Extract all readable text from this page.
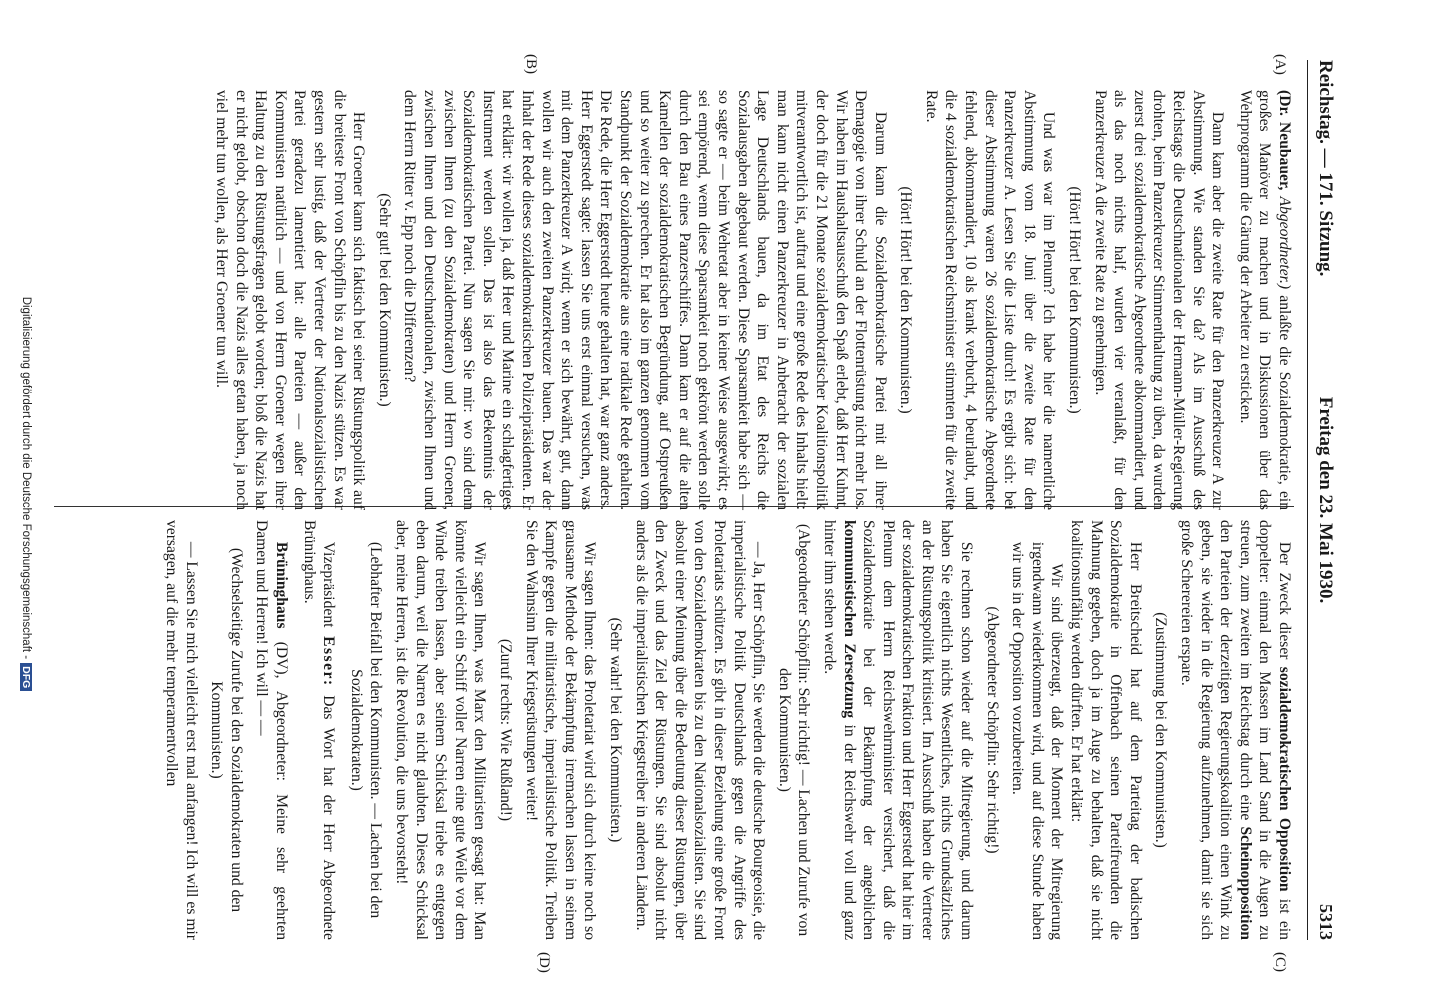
Reichstag. — 171. Sitzung.
Freitag den 23. Mai 1930.
5313
(A)
(B)
(C)
(D)

(Dr. Neubauer, Abgeordneter.) anlaßte die Sozialdemokratie, ein großes Manöver zu machen und in Diskussionen über das Wehrprogramm die Gärung der Arbeiter zu ersticken.

Dann kam aber die zweite Rate für den Panzerkreuzer A zur Abstimmung. Wie standen Sie da? Als im Ausschuß des Reichstags die Deutschnationalen der Hermann-Müller-Regierung drohten, beim Panzerkreuzer Stimmenthaltung zu üben, da wurden zuerst drei sozialdemokratische Abgeordnete abkommandiert, und als das noch nichts half, wurden vier veranlaßt, für den Panzerkreuzer A die zweite Rate zu genehmigen.

(Hört! Hört! bei den Kommunisten.)

Und was war im Plenum? Ich habe hier die namentliche Abstimmung vom 18. Juni über die zweite Rate für den Panzerkreuzer A. Lesen Sie die Liste durch! Es ergibt sich: bei dieser Abstimmung waren 26 sozialdemokratische Abgeordnete fehlend, abkommandiert, 10 als krank verbucht, 4 beurlaubt, und die 4 sozialdemokratischen Reichsminister stimmten für die zweite Rate.

(Hört! Hört! bei den Kommunisten.)

Darum kann die Sozialdemokratische Partei mit all ihrer Demagogie von ihrer Schuld an der Flottenrüstung nicht mehr los. Wir haben im Haushaltsausschuß den Spaß erlebt, daß Herr Kuhnt, der doch für die 21 Monate sozialdemokratischer Koalitionspolitik mitverantwortlich ist, auftrat und eine große Rede des Inhalts hielt: man kann nicht einen Panzerkreuzer in Anbetracht der sozialen Lage Deutschlands bauen, da im Etat des Reichs die Sozialausgaben abgebaut werden. Diese Sparsamkeit habe sich — so sagte er — beim Wehretat aber in keiner Weise ausgewirkt; es sei empörend, wenn diese Sparsamkeit noch gekrönt werden solle durch den Bau eines Panzerschiffes. Dann kam er auf die alten Kamellen der sozialdemokratischen Begründung, auf Ostpreußen und so weiter zu sprechen. Er hat also im ganzen genommen vom Standpunkt der Sozialdemokratie aus eine radikale Rede gehalten. Die Rede, die Herr Eggerstedt heute gehalten hat, war ganz anders. Herr Eggerstedt sagte: lassen Sie uns erst einmal versuchen, was mit dem Panzerkreuzer A wird; wenn er sich bewährt, gut, dann wollen wir auch den zweiten Panzerkreuzer bauen. Das war der Inhalt der Rede dieses sozialdemokratischen Polizeipräsidenten. Er hat erklärt: wir wollen ja, daß Heer und Marine ein schlagfertiges Instrument werden sollen. Das ist also das Bekenntnis der Sozialdemokratischen Partei. Nun sagen Sie mir: wo sind denn zwischen Ihnen (zu den Sozialdemokraten) und Herrn Groener, zwischen Ihnen und den Deutschnationalen, zwischen Ihnen und dem Herrn Ritter v. Epp noch die Differenzen?

(Sehr gut! bei den Kommunisten.)

Herr Groener kann sich faktisch bei seiner Rüstungspolitik auf die breiteste Front von Schöpflin bis zu den Nazis stützen. Es war gestern sehr lustig, daß der Vertreter der Nationalsozialistischen Partei geradezu lamentiert hat: alle Parteien — außer den Kommunisten natürlich — und von Herrn Groener wegen ihrer Haltung zu den Rüstungsfragen gelobt worden; bloß die Nazis hat er nicht gelobt, obschon doch die Nazis alles getan haben, ja noch viel mehr tun wollen, als Herr Groener tun will.

Der Zweck dieser sozialdemokratischen Opposition ist ein doppelter: einmal den Massen im Land Sand in die Augen zu streuen, zum zweiten im Reichstag durch eine Scheinopposition den Parteien der derzeitigen Regierungskoalition einen Wink zu geben, sie wieder in die Regierung aufzunehmen, damit sie sich große Scherereien erspare.

(Zustimmung bei den Kommunisten.)

Herr Breitscheid hat auf dem Parteitag der badischen Sozialdemokratie in Offenbach seinen Parteifreunden die Mahnung gegeben, doch ja im Auge zu behalten, daß sie nicht koalitionsunfähig werden dürften. Er hat erklärt:

Wir sind überzeugt, daß der Moment der Mitregierung irgendwann wiederkommen wird, und auf diese Stunde haben wir uns in der Opposition vorzubereiten.

(Abgeordneter Schöpflin: Sehr richtig!)

Sie rechnen schon wieder auf die Mitregierung, und darum haben Sie eigentlich nichts Wesentliches, nichts Grundsätzliches an der Rüstungspolitik kritisiert. Im Ausschuß haben die Vertreter der sozialdemokratischen Fraktion und Herr Eggerstedt hat hier im Plenum dem Herrn Reichswehrminister versichert, daß die Sozialdemokratie bei der Bekämpfung der angeblichen kommunistischen Zersetzung in der Reichswehr voll und ganz hinter ihm stehen werde.

(Abgeordneter Schöpflin: Sehr richtig! — Lachen und Zurufe von den Kommunisten.)

— Ja, Herr Schöpflin, Sie werden die deutsche Bourgeoisie, die imperialistische Politik Deutschlands gegen die Angriffe des Proletariats schützen. Es gibt in dieser Beziehung eine große Front von den Sozialdemokraten bis zu den Nationalsozialisten. Sie sind absolut einer Meinung über die Bedeutung dieser Rüstungen, über den Zweck und das Ziel der Rüstungen. Sie sind absolut nicht anders als die imperialistischen Kriegstreiber in anderen Ländern.

(Sehr wahr! bei den Kommunisten.)

Wir sagen Ihnen: das Proletariat wird sich durch keine noch so grausame Methode der Bekämpfung irremachen lassen in seinem Kampfe gegen die militaristische, imperialistische Politik. Treiben Sie den Wahnsinn Ihrer Kriegsrüstungen weiter!

(Zuruf rechts: Wie Rußland!)

Wir sagen Ihnen, was Marx den Militaristen gesagt hat: Man könnte vielleicht ein Schiff voller Narren eine gute Weile vor dem Winde treiben lassen, aber seinem Schicksal triebe es entgegen eben darum, weil die Narren es nicht glaubten. Dieses Schicksal aber, meine Herren, ist die Revolution, die uns bevorsteht!

(Lebhafter Beifall bei den Kommunisten. — Lachen bei den Sozialdemokraten.)

Vizepräsident Esser: Das Wort hat der Herr Abgeordnete Brüninghaus.

Brüninghaus (DV), Abgeordneter: Meine sehr geehrten Damen und Herren! Ich will — —

(Wechselseitige Zurufe bei den Sozialdemokraten und den Kommunisten.)

— Lassen Sie mich vielleicht erst mal anfangen! Ich will es mir versagen, auf die mehr temperamentvollen

Digitalisierung gefördert durch die Deutsche Forschungsgemeinschaft -DFG
